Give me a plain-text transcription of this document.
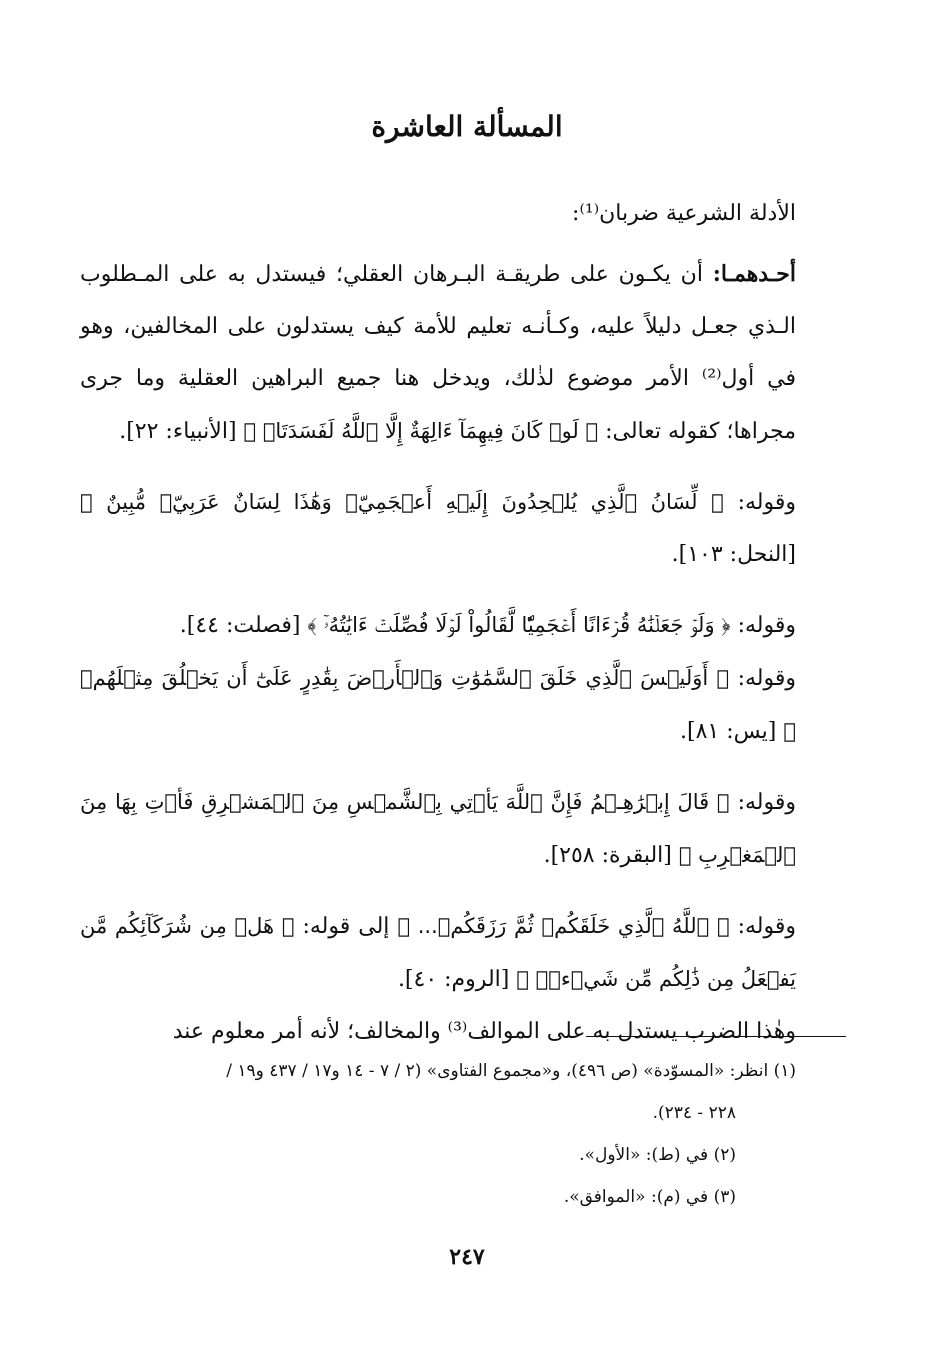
المسألة العاشرة

الأدلة الشرعية ضربان⁽¹⁾:

أحـدهمـا: أن يكـون على طريقـة البـرهان العقلي؛ فيستدل به على المـطلوب الـذي جعـل دليلاً عليه، وكـأنـه تعليم للأمة كيف يستدلون على المخالفين، وهو في أول⁽²⁾ الأمر موضوع لذٰلك، ويدخل هنا جميع البراهين العقلية وما جرى مجراها؛ كقوله تعالى: ﴿ لَوۡ كَانَ فِيهِمَآ ءَالِهَةٌ إِلَّا ٱللَّهُ لَفَسَدَتَاۚ ﴾ [الأنبياء: ٢٢].

وقوله: ﴿ لِّسَانُ ٱلَّذِي يُلۡحِدُونَ إِلَيۡهِ أَعۡجَمِيّٞ وَهَٰذَا لِسَانٌ عَرَبِيّٞ مُّبِينٌ ﴾ [النحل: ١٠٣].

وقوله: ﴿ وَلَوۡ جَعَلۡنَٰهُ قُرۡءَانًا أَعۡجَمِيّٗا لَّقَالُواْ لَوۡلَا فُصِّلَتۡ ءَايَٰتُهُۥٓ ﴾ [فصلت: ٤٤].

وقوله: ﴿ أَوَلَيۡسَ ٱلَّذِي خَلَقَ ٱلسَّمَٰوَٰتِ وَٱلۡأَرۡضَ بِقَٰدِرٍ عَلَىٰٓ أَن يَخۡلُقَ مِثۡلَهُمۚ ﴾ [يس: ٨١].

وقوله: ﴿ قَالَ إِبۡرَٰهِـۧمُ فَإِنَّ ٱللَّهَ يَأۡتِي بِٱلشَّمۡسِ مِنَ ٱلۡمَشۡرِقِ فَأۡتِ بِهَا مِنَ ٱلۡمَغۡرِبِ ﴾ [البقرة: ٢٥٨].

وقوله: ﴿ ٱللَّهُ ٱلَّذِي خَلَقَكُمۡ ثُمَّ رَزَقَكُمۡ... ﴾ إلى قوله: ﴿ هَلۡ مِن شُرَكَآئِكُم مَّن يَفۡعَلُ مِن ذَٰلِكُم مِّن شَيۡءٖۚ ﴾ [الروم: ٤٠].

وهٰذا الضرب يستدل به على الموالف⁽³⁾ والمخالف؛ لأنه أمر معلوم عند

(١) انظر: «المسوّدة» (ص ٤٩٦)، و«مجموع الفتاوى» (٢ / ٧ - ١٤ و١٧ / ٤٣٧ و١٩ /

٢٢٨ - ٢٣٤).

(٢) في (ط): «الأول».

(٣) في (م): «الموافق».

٢٤٧
